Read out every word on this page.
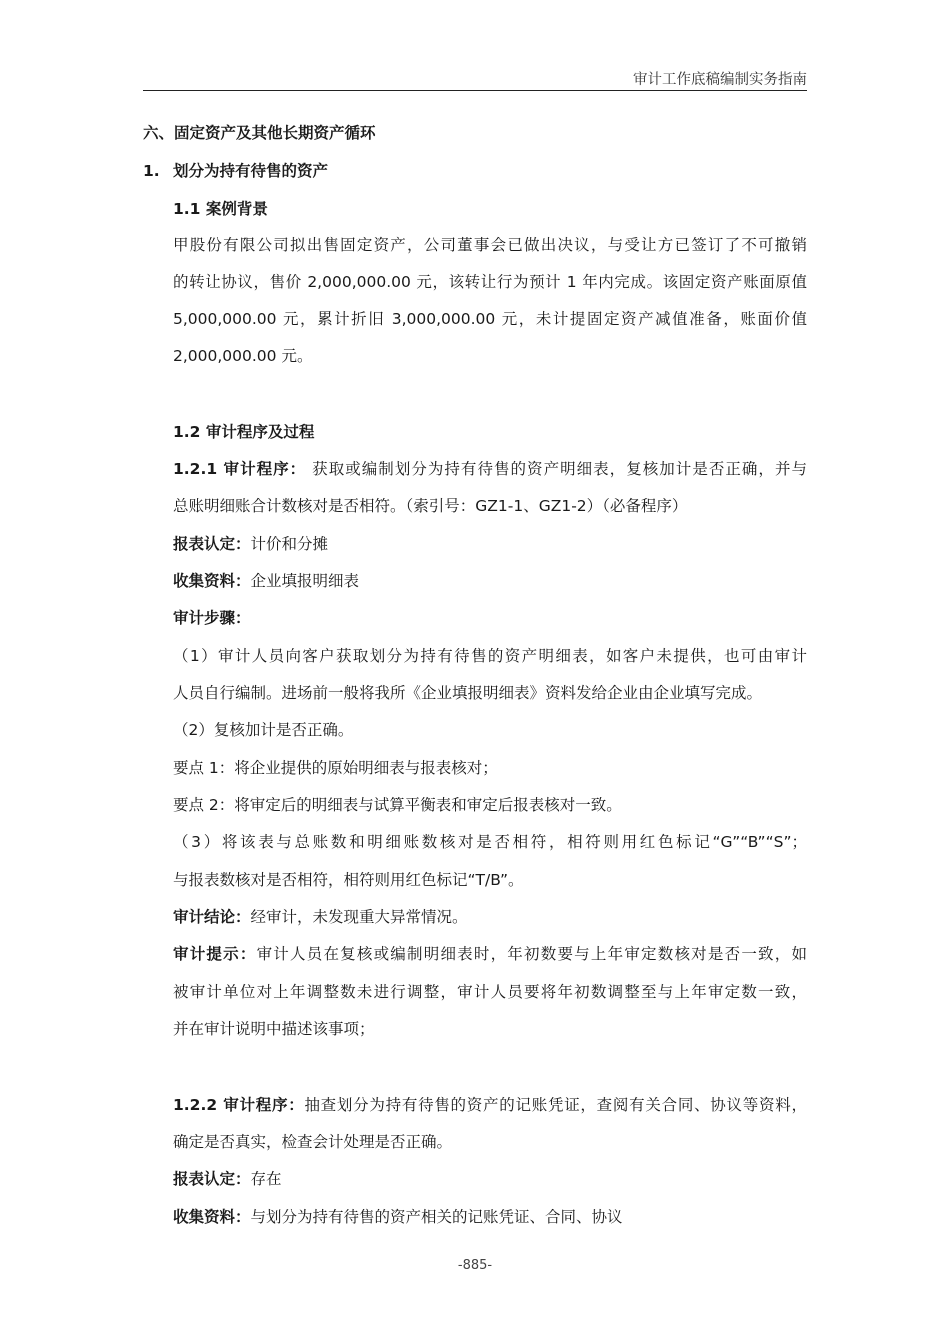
审计工作底稿编制实务指南
六、固定资产及其他长期资产循环
1. 划分为持有待售的资产
1.1 案例背景
甲股份有限公司拟出售固定资产，公司董事会已做出决议，与受让方已签订了不可撤销
的转让协议，售价 2,000,000.00 元，该转让行为预计 1 年内完成。该固定资产账面原值
5,000,000.00 元，累计折旧 3,000,000.00 元，未计提固定资产减值准备，账面价值
2,000,000.00 元。
1.2 审计程序及过程
1.2.1 审计程序： 获取或编制划分为持有待售的资产明细表，复核加计是否正确，并与
总账明细账合计数核对是否相符。（索引号：GZ1-1、GZ1-2）（必备程序）
报表认定：计价和分摊
收集资料：企业填报明细表
审计步骤：
（1）审计人员向客户获取划分为持有待售的资产明细表，如客户未提供，也可由审计
人员自行编制。进场前一般将我所《企业填报明细表》资料发给企业由企业填写完成。
（2）复核加计是否正确。
要点 1：将企业提供的原始明细表与报表核对；
要点 2：将审定后的明细表与试算平衡表和审定后报表核对一致。
（3）将该表与总账数和明细账数核对是否相符，相符则用红色标记“G”“B”“S”；
与报表数核对是否相符，相符则用红色标记“T/B”。
审计结论：经审计，未发现重大异常情况。
审计提示：审计人员在复核或编制明细表时，年初数要与上年审定数核对是否一致，如
被审计单位对上年调整数未进行调整，审计人员要将年初数调整至与上年审定数一致，
并在审计说明中描述该事项；
1.2.2 审计程序：抽查划分为持有待售的资产的记账凭证，查阅有关合同、协议等资料，
确定是否真实，检查会计处理是否正确。
报表认定：存在
收集资料：与划分为持有待售的资产相关的记账凭证、合同、协议
-885-
